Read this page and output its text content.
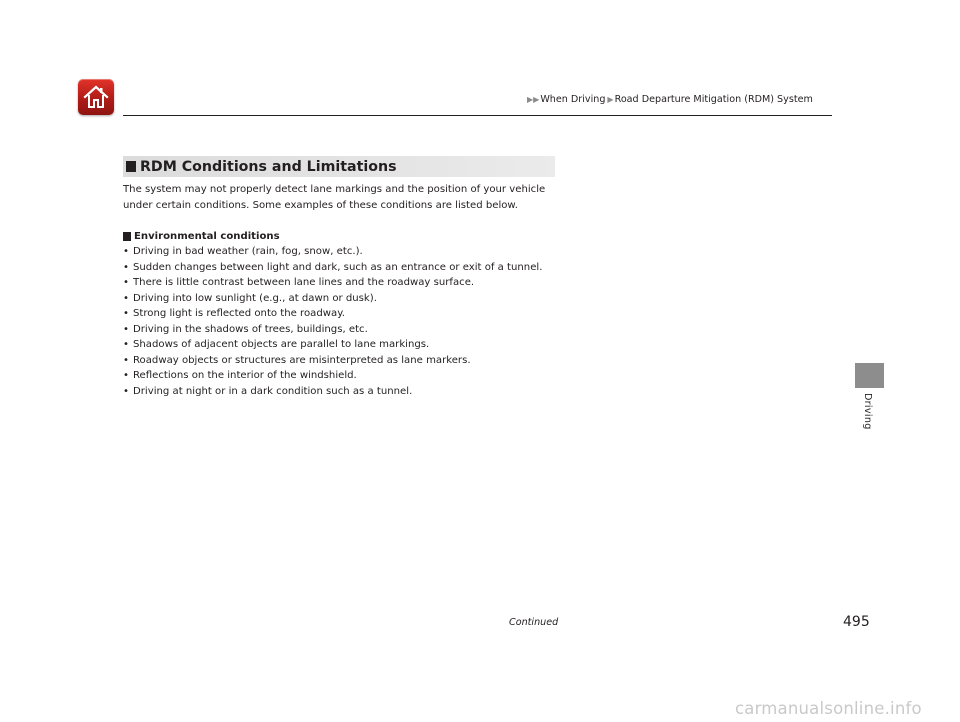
▶▶When Driving ▶Road Departure Mitigation (RDM) System
RDM Conditions and Limitations

The system may not properly detect lane markings and the position of your vehicle

under certain conditions. Some examples of these conditions are listed below.

Environmental conditions
• Driving in bad weather (rain, fog, snow, etc.).
• Sudden changes between light and dark, such as an entrance or exit of a tunnel.
• There is little contrast between lane lines and the roadway surface.
• Driving into low sunlight (e.g., at dawn or dusk).
• Strong light is reflected onto the roadway.
• Driving in the shadows of trees, buildings, etc.
• Shadows of adjacent objects are parallel to lane markings.
• Roadway objects or structures are misinterpreted as lane markers.
• Reflections on the interior of the windshield.
• Driving at night or in a dark condition such as a tunnel.
Driving
Continued	495
carmanualsonline.info
